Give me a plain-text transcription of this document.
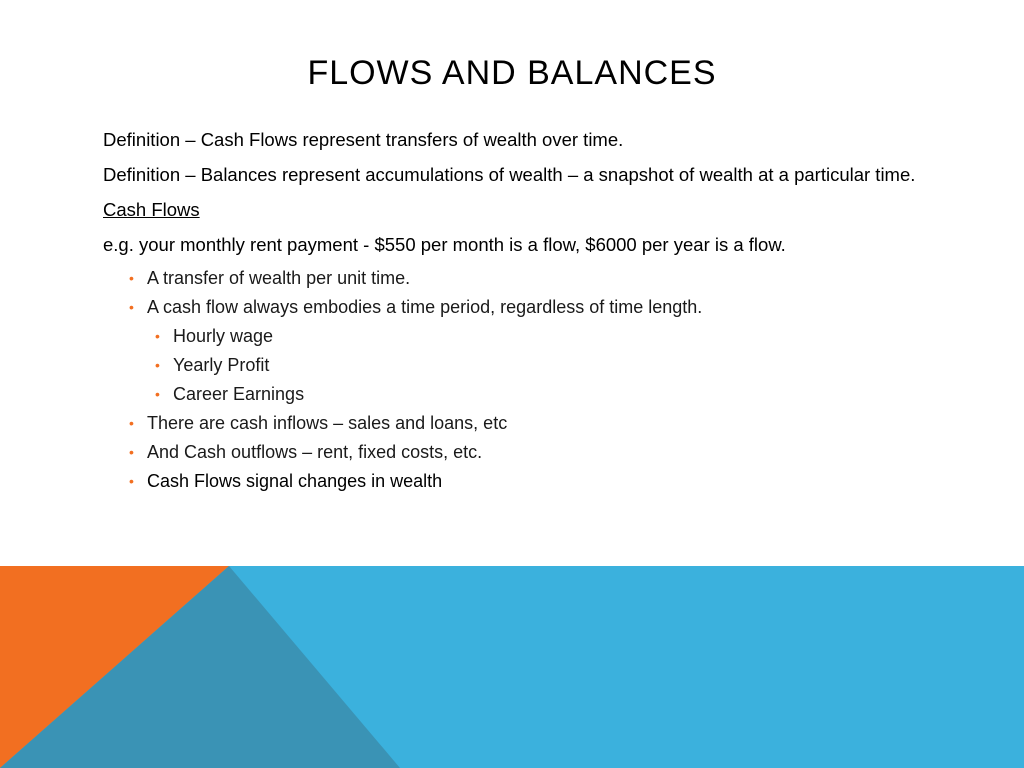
FLOWS AND BALANCES
Definition – Cash Flows represent transfers of wealth over time.
Definition – Balances represent accumulations of wealth – a snapshot of wealth at a particular time.
Cash Flows
e.g. your monthly rent payment - $550 per month is a flow, $6000 per year is a flow.
• A transfer of wealth per unit time.
• A cash flow always embodies a time period, regardless of time length.
• Hourly wage
• Yearly Profit
• Career Earnings
• There are cash inflows – sales and loans, etc
• And Cash outflows – rent, fixed costs, etc.
• Cash Flows signal changes in wealth
